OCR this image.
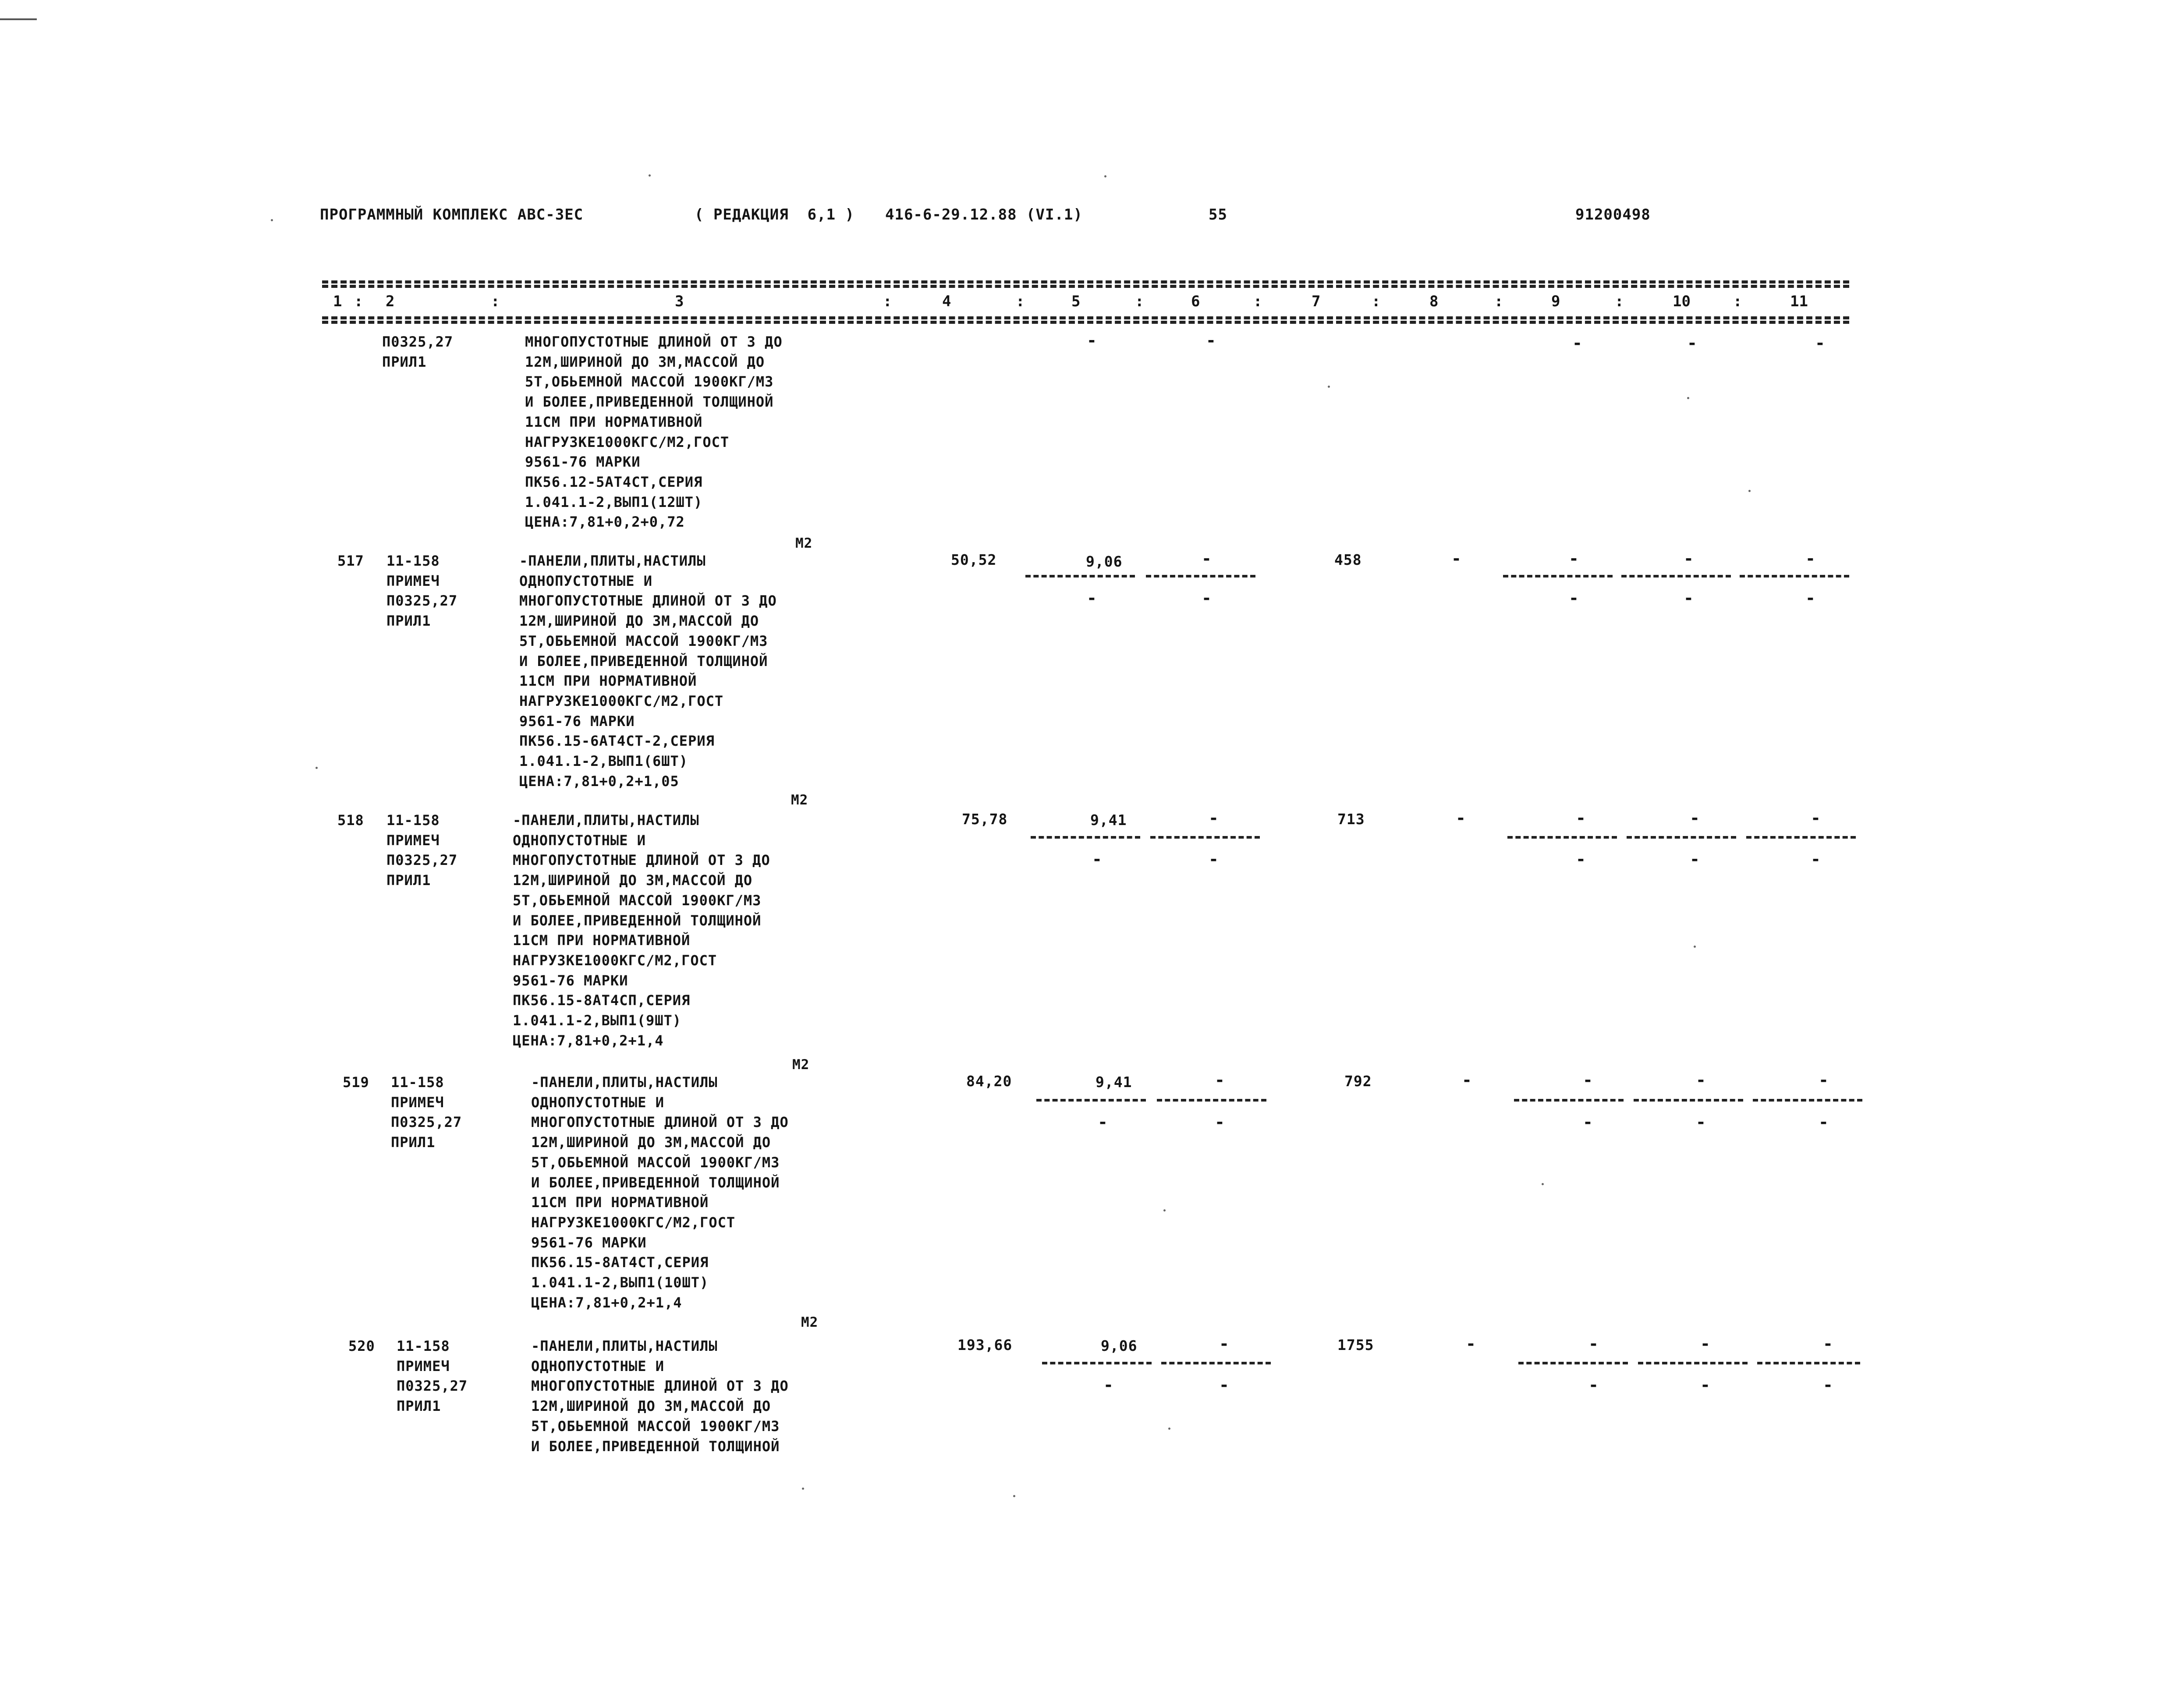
ПРОГРАММНЫЙ КОМПЛЕКС АВС-ЗЕС	( РЕДАКЦИЯ  6,1 ) 416-6-29.12.88 (VI.1)	55	91200498
1 : 2	:	3	:	4	:	5	:	6	:	7	:	8	:	9	:	10	:	11
П0325,27
ПРИЛ1
МНОГОПУСТОТНЫЕ ДЛИНОЙ ОТ 3 ДО
12М,ШИРИНОЙ ДО 3М,МАССОЙ ДО
5Т,ОБЬЕМНОЙ МАССОЙ 1900КГ/М3
И БОЛЕЕ,ПРИВЕДЕННОЙ ТОЛЩИНОЙ
11СМ ПРИ НОРМАТИВНОЙ
НАГРУЗКЕ1000КГС/М2,ГОСТ
9561-76 МАРКИ
ПК56.12-5АТ4СТ,СЕРИЯ
1.041.1-2,ВЫП1(12ШТ)
ЦЕНА:7,81+0,2+0,72
М2
-	-	-	-	-
517 11-158
ПРИМЕЧ
П0325,27
ПРИЛ1
-ПАНЕЛИ,ПЛИТЫ,НАСТИЛЫ
ОДНОПУСТОТНЫЕ И
МНОГОПУСТОТНЫЕ ДЛИНОЙ ОТ 3 ДО
12М,ШИРИНОЙ ДО 3М,МАССОЙ ДО
5Т,ОБЬЕМНОЙ МАССОЙ 1900КГ/М3
И БОЛЕЕ,ПРИВЕДЕННОЙ ТОЛЩИНОЙ
11СМ ПРИ НОРМАТИВНОЙ
НАГРУЗКЕ1000КГС/М2,ГОСТ
9561-76 МАРКИ
ПК56.15-6АТ4СТ-2,СЕРИЯ
1.041.1-2,ВЫП1(6ШТ)
ЦЕНА:7,81+0,2+1,05
М2
50,52	9,06	-	458	-	-	-	-
-	-	-	-	-
518 11-158
ПРИМЕЧ
П0325,27
ПРИЛ1
-ПАНЕЛИ,ПЛИТЫ,НАСТИЛЫ
ОДНОПУСТОТНЫЕ И
МНОГОПУСТОТНЫЕ ДЛИНОЙ ОТ 3 ДО
12М,ШИРИНОЙ ДО 3М,МАССОЙ ДО
5Т,ОБЬЕМНОЙ МАССОЙ 1900КГ/М3
И БОЛЕЕ,ПРИВЕДЕННОЙ ТОЛЩИНОЙ
11СМ ПРИ НОРМАТИВНОЙ
НАГРУЗКЕ1000КГС/М2,ГОСТ
9561-76 МАРКИ
ПК56.15-8АТ4СП,СЕРИЯ
1.041.1-2,ВЫП1(9ШТ)
ЦЕНА:7,81+0,2+1,4
М2
75,78	9,41	-	713	-	-	-	-
-	-	-	-	-
519 11-158
ПРИМЕЧ
П0325,27
ПРИЛ1
-ПАНЕЛИ,ПЛИТЫ,НАСТИЛЫ
ОДНОПУСТОТНЫЕ И
МНОГОПУСТОТНЫЕ ДЛИНОЙ ОТ 3 ДО
12М,ШИРИНОЙ ДО 3М,МАССОЙ ДО
5Т,ОБЬЕМНОЙ МАССОЙ 1900КГ/М3
И БОЛЕЕ,ПРИВЕДЕННОЙ ТОЛЩИНОЙ
11СМ ПРИ НОРМАТИВНОЙ
НАГРУЗКЕ1000КГС/М2,ГОСТ
9561-76 МАРКИ
ПК56.15-8АТ4СТ,СЕРИЯ
1.041.1-2,ВЫП1(10ШТ)
ЦЕНА:7,81+0,2+1,4
М2
84,20	9,41	-	792	-	-	-	-
-	-	-	-	-
520 11-158
ПРИМЕЧ
П0325,27
ПРИЛ1
-ПАНЕЛИ,ПЛИТЫ,НАСТИЛЫ
ОДНОПУСТОТНЫЕ И
МНОГОПУСТОТНЫЕ ДЛИНОЙ ОТ 3 ДО
12М,ШИРИНОЙ ДО 3М,МАССОЙ ДО
5Т,ОБЬЕМНОЙ МАССОЙ 1900КГ/М3
И БОЛЕЕ,ПРИВЕДЕННОЙ ТОЛЩИНОЙ
193,66	9,06	-	1755	-	-	-	-
-	-	-	-	-
